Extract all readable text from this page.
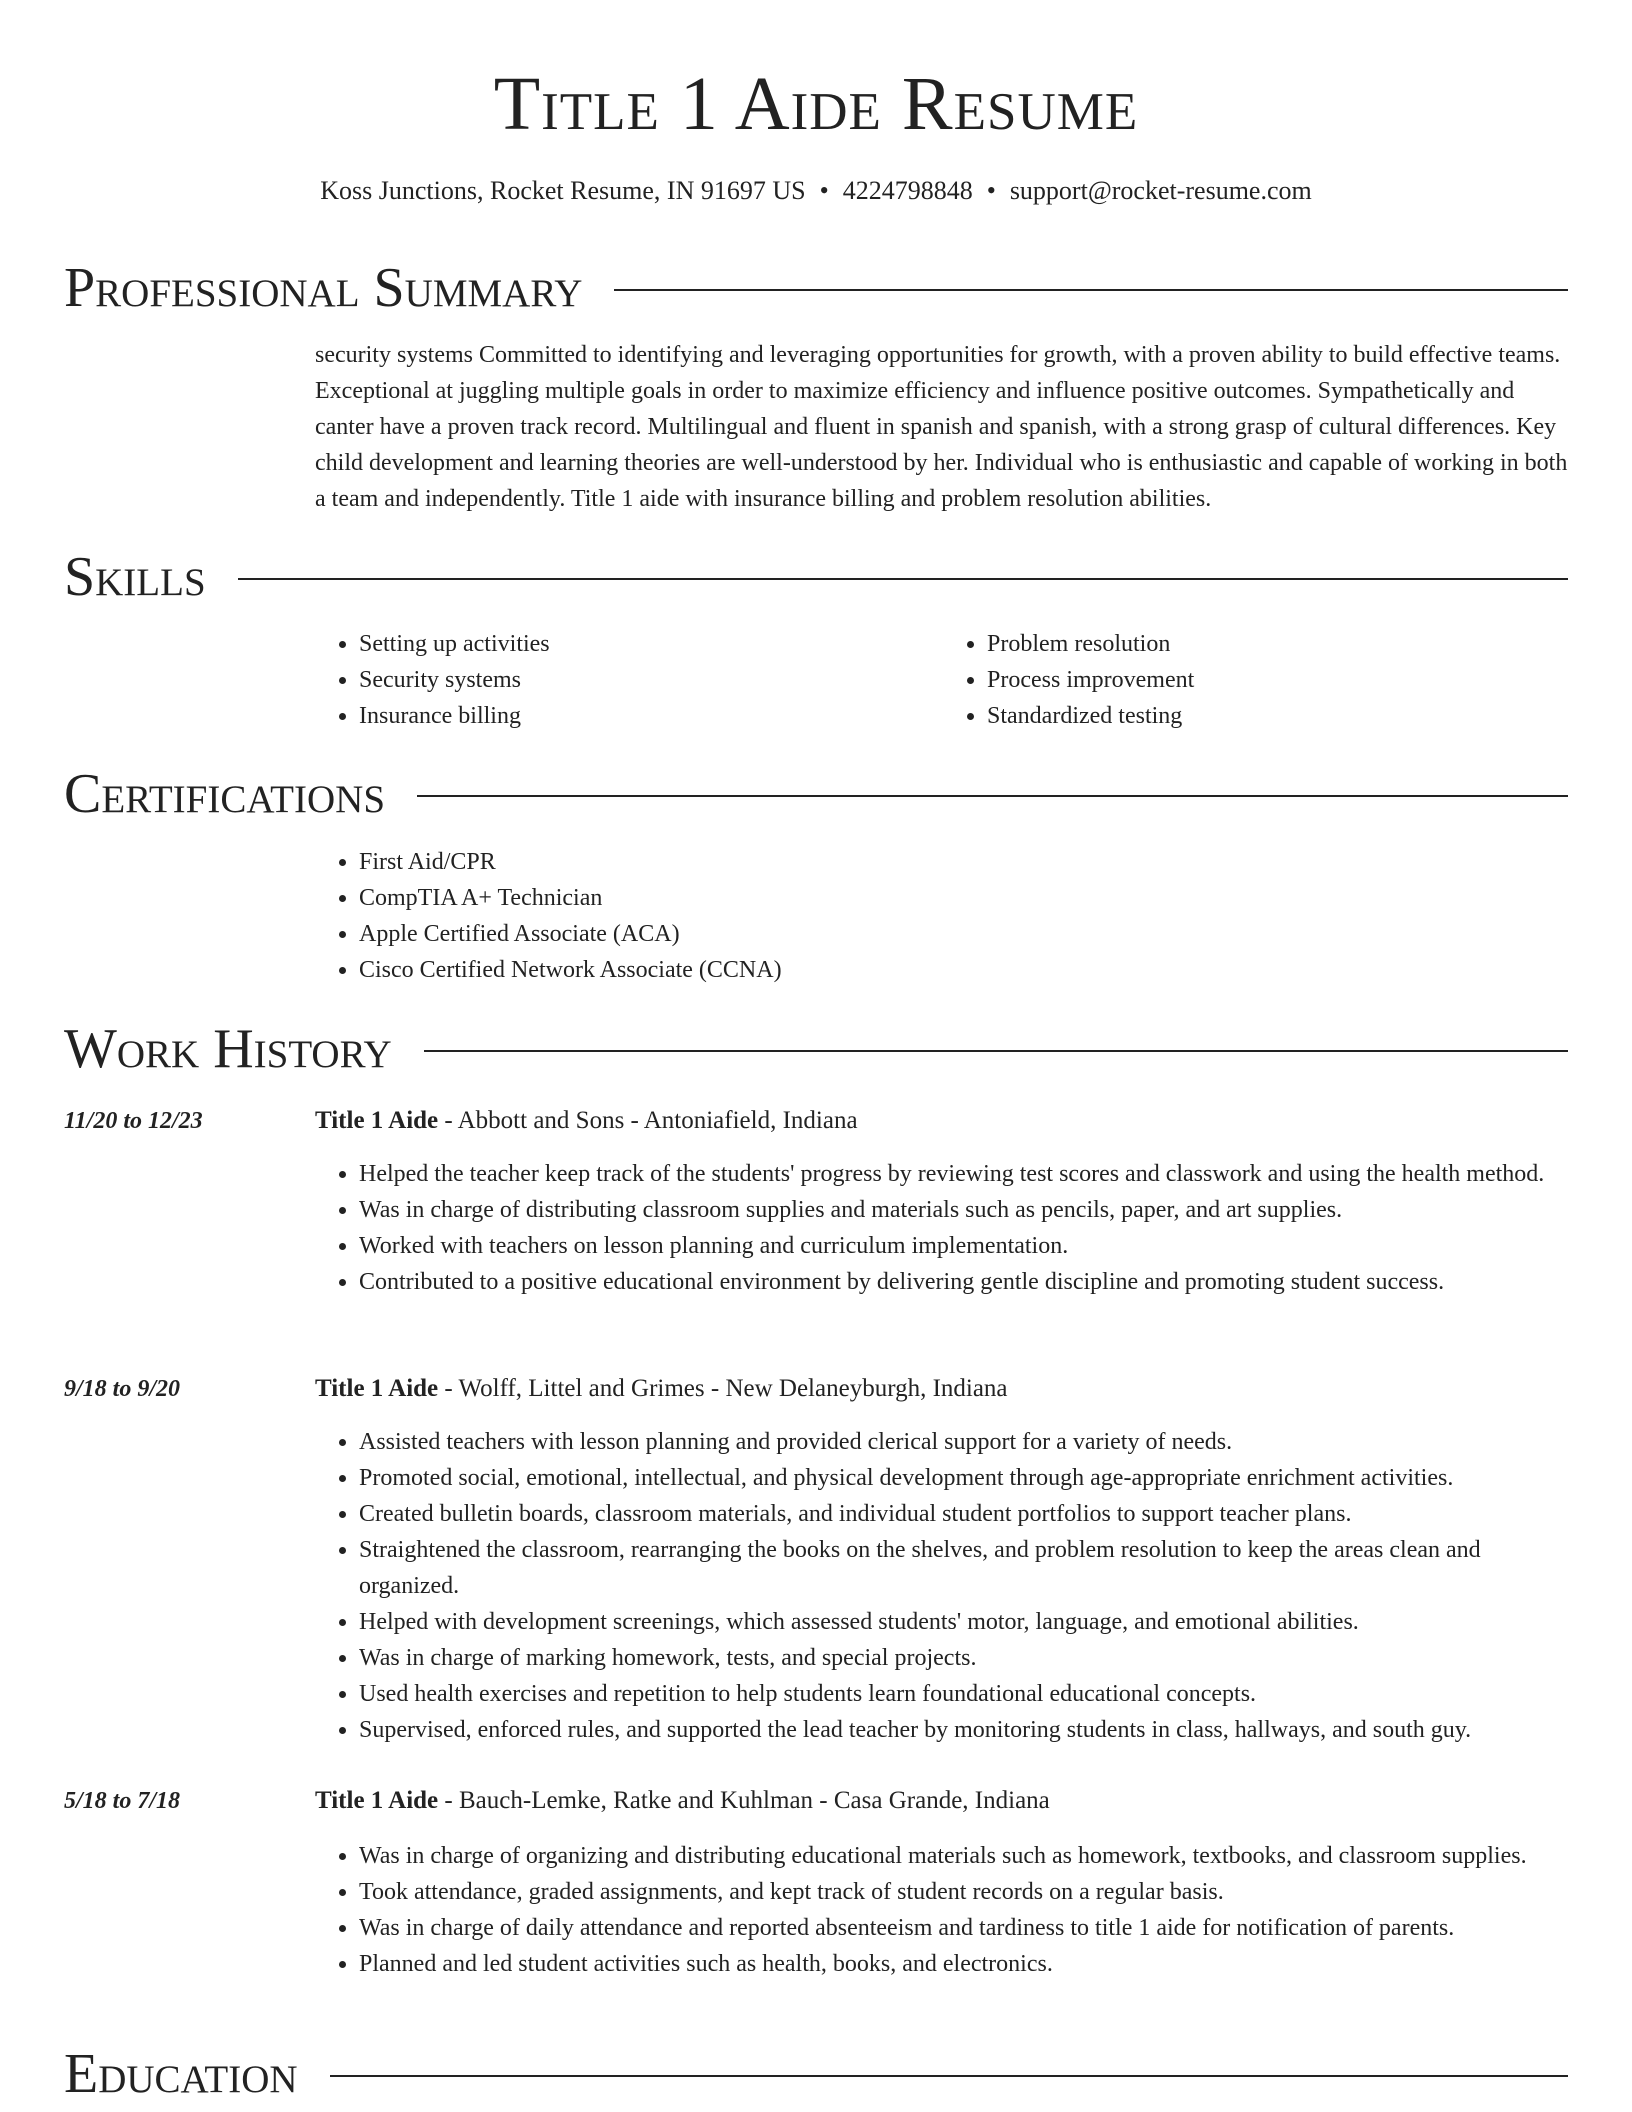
Title 1 Aide Resume
Koss Junctions, Rocket Resume, IN 91697 US • 4224798848 • support@rocket-resume.com
Professional Summary

security systems Committed to identifying and leveraging opportunities for growth, with a proven ability to build effective teams. Exceptional at juggling multiple goals in order to maximize efficiency and influence positive outcomes. Sympathetically and canter have a proven track record. Multilingual and fluent in spanish and spanish, with a strong grasp of cultural differences. Key child development and learning theories are well-understood by her. Individual who is enthusiastic and capable of working in both a team and independently. Title 1 aide with insurance billing and problem resolution abilities.

Skills
• Setting up activities
• Security systems
• Insurance billing
• Problem resolution
• Process improvement
• Standardized testing
Certifications
• First Aid/CPR
• CompTIA A+ Technician
• Apple Certified Associate (ACA)
• Cisco Certified Network Associate (CCNA)
Work History
11/20 to 12/23	Title 1 Aide - Abbott and Sons - Antoniafield, Indiana
• Helped the teacher keep track of the students' progress by reviewing test scores and classwork and using the health method.
• Was in charge of distributing classroom supplies and materials such as pencils, paper, and art supplies.
• Worked with teachers on lesson planning and curriculum implementation.
• Contributed to a positive educational environment by delivering gentle discipline and promoting student success.
9/18 to 9/20	Title 1 Aide - Wolff, Littel and Grimes - New Delaneyburgh, Indiana
• Assisted teachers with lesson planning and provided clerical support for a variety of needs.
• Promoted social, emotional, intellectual, and physical development through age-appropriate enrichment activities.
• Created bulletin boards, classroom materials, and individual student portfolios to support teacher plans.
• Straightened the classroom, rearranging the books on the shelves, and problem resolution to keep the areas clean and organized.
• Helped with development screenings, which assessed students' motor, language, and emotional abilities.
• Was in charge of marking homework, tests, and special projects.
• Used health exercises and repetition to help students learn foundational educational concepts.
• Supervised, enforced rules, and supported the lead teacher by monitoring students in class, hallways, and south guy.
5/18 to 7/18	Title 1 Aide - Bauch-Lemke, Ratke and Kuhlman - Casa Grande, Indiana
• Was in charge of organizing and distributing educational materials such as homework, textbooks, and classroom supplies.
• Took attendance, graded assignments, and kept track of student records on a regular basis.
• Was in charge of daily attendance and reported absenteeism and tardiness to title 1 aide for notification of parents.
• Planned and led student activities such as health, books, and electronics.
Education
